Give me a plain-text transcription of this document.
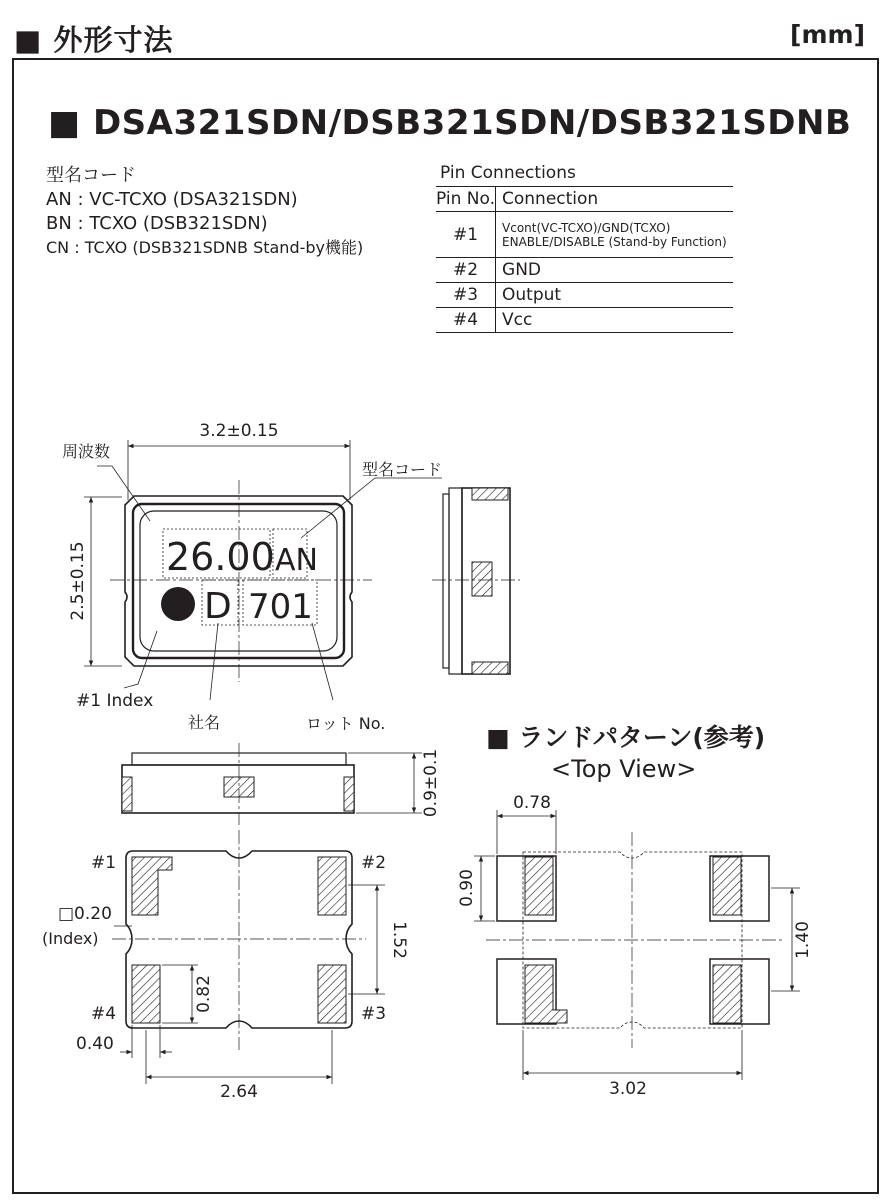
■ 外形寸法	[mm]
■ DSA321SDN/DSB321SDN/DSB321SDNB
型名コード
AN : VC-TCXO (DSA321SDN)
BN : TCXO (DSB321SDN)
CN : TCXO (DSB321SDNB Stand-by機能)
Pin Connections
Pin No.	Connection
#1	Vcont(VC-TCXO)/GND(TCXO)
ENABLE/DISABLE (Stand-by Function)

#2	GND
#3	Output
#4	Vcc
3.2±0.15
2.5±0.15
周波数
型名コード
26.00 AN
D 701
#1 Index
社名	ロット No.
0.9±0.1
#1	#2
#3
#4
□0.20
(Index)
0.82
1.52
0.40
2.64
■ ランドパターン(参考)
<Top View>
0.78
0.90
1.40
3.02
